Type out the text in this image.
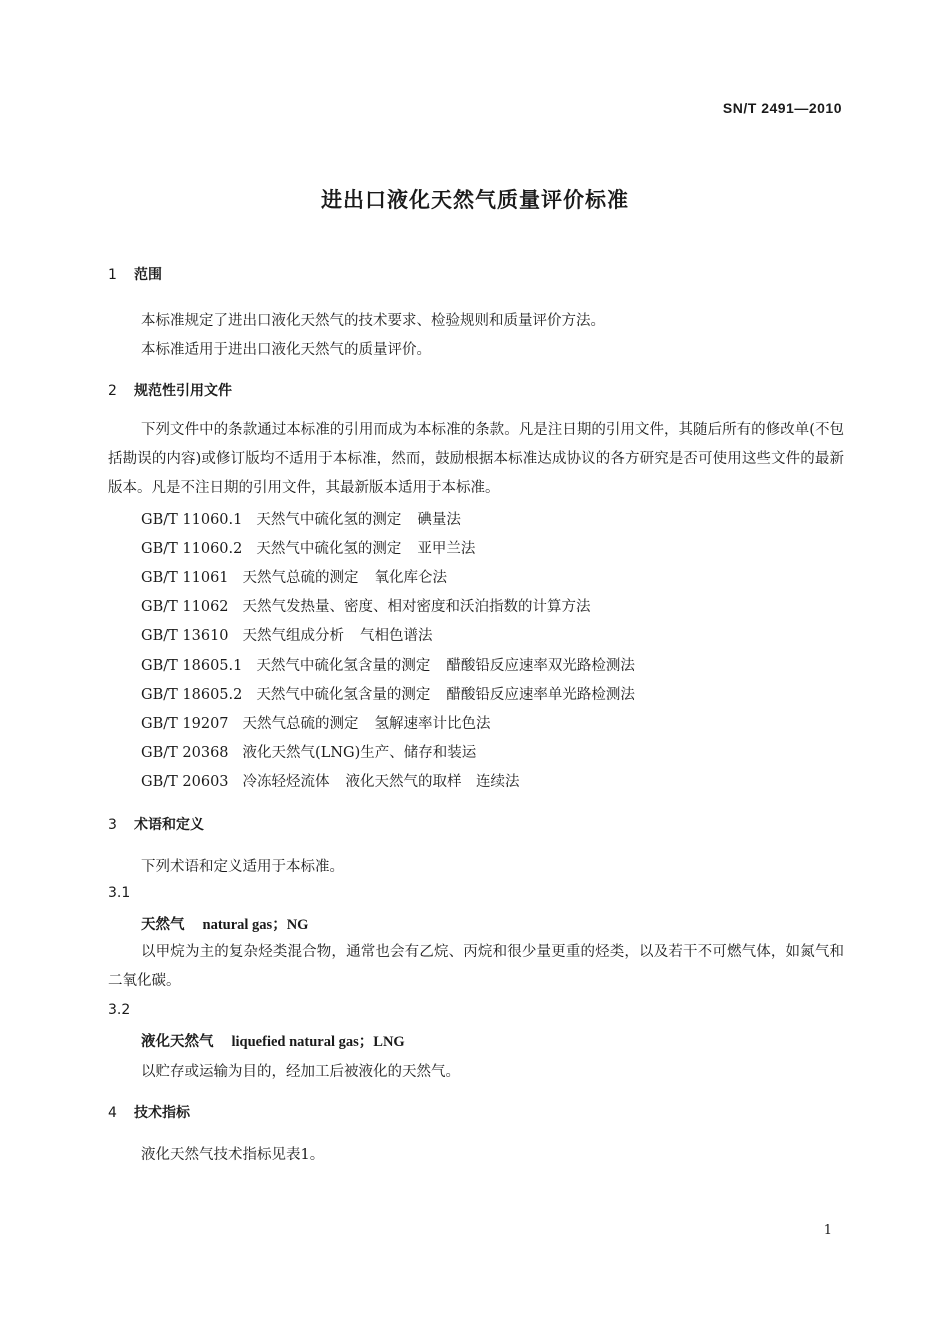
SN/T 2491—2010
进出口液化天然气质量评价标准
1 范围
本标准规定了进出口液化天然气的技术要求、检验规则和质量评价方法。
本标准适用于进出口液化天然气的质量评价。
2 规范性引用文件
下列文件中的条款通过本标准的引用而成为本标准的条款。凡是注日期的引用文件，其随后所有的修改单(不包括勘误的内容)或修订版均不适用于本标准，然而，鼓励根据本标准达成协议的各方研究是否可使用这些文件的最新版本。凡是不注日期的引用文件，其最新版本适用于本标准。
GB/T 11060.1 天然气中硫化氢的测定 碘量法
GB/T 11060.2 天然气中硫化氢的测定 亚甲兰法
GB/T 11061 天然气总硫的测定 氧化库仑法
GB/T 11062 天然气发热量、密度、相对密度和沃泊指数的计算方法
GB/T 13610 天然气组成分析 气相色谱法
GB/T 18605.1 天然气中硫化氢含量的测定 醋酸铅反应速率双光路检测法
GB/T 18605.2 天然气中硫化氢含量的测定 醋酸铅反应速率单光路检测法
GB/T 19207 天然气总硫的测定 氢解速率计比色法
GB/T 20368 液化天然气(LNG)生产、储存和装运
GB/T 20603 冷冻轻烃流体 液化天然气的取样　连续法
3 术语和定义
下列术语和定义适用于本标准。
3.1
天然气 natural gas；NG
以甲烷为主的复杂烃类混合物，通常也会有乙烷、丙烷和很少量更重的烃类，以及若干不可燃气体，如氮气和二氧化碳。
3.2
液化天然气 liquefied natural gas；LNG
以贮存或运输为目的，经加工后被液化的天然气。
4 技术指标
液化天然气技术指标见表1。
1
